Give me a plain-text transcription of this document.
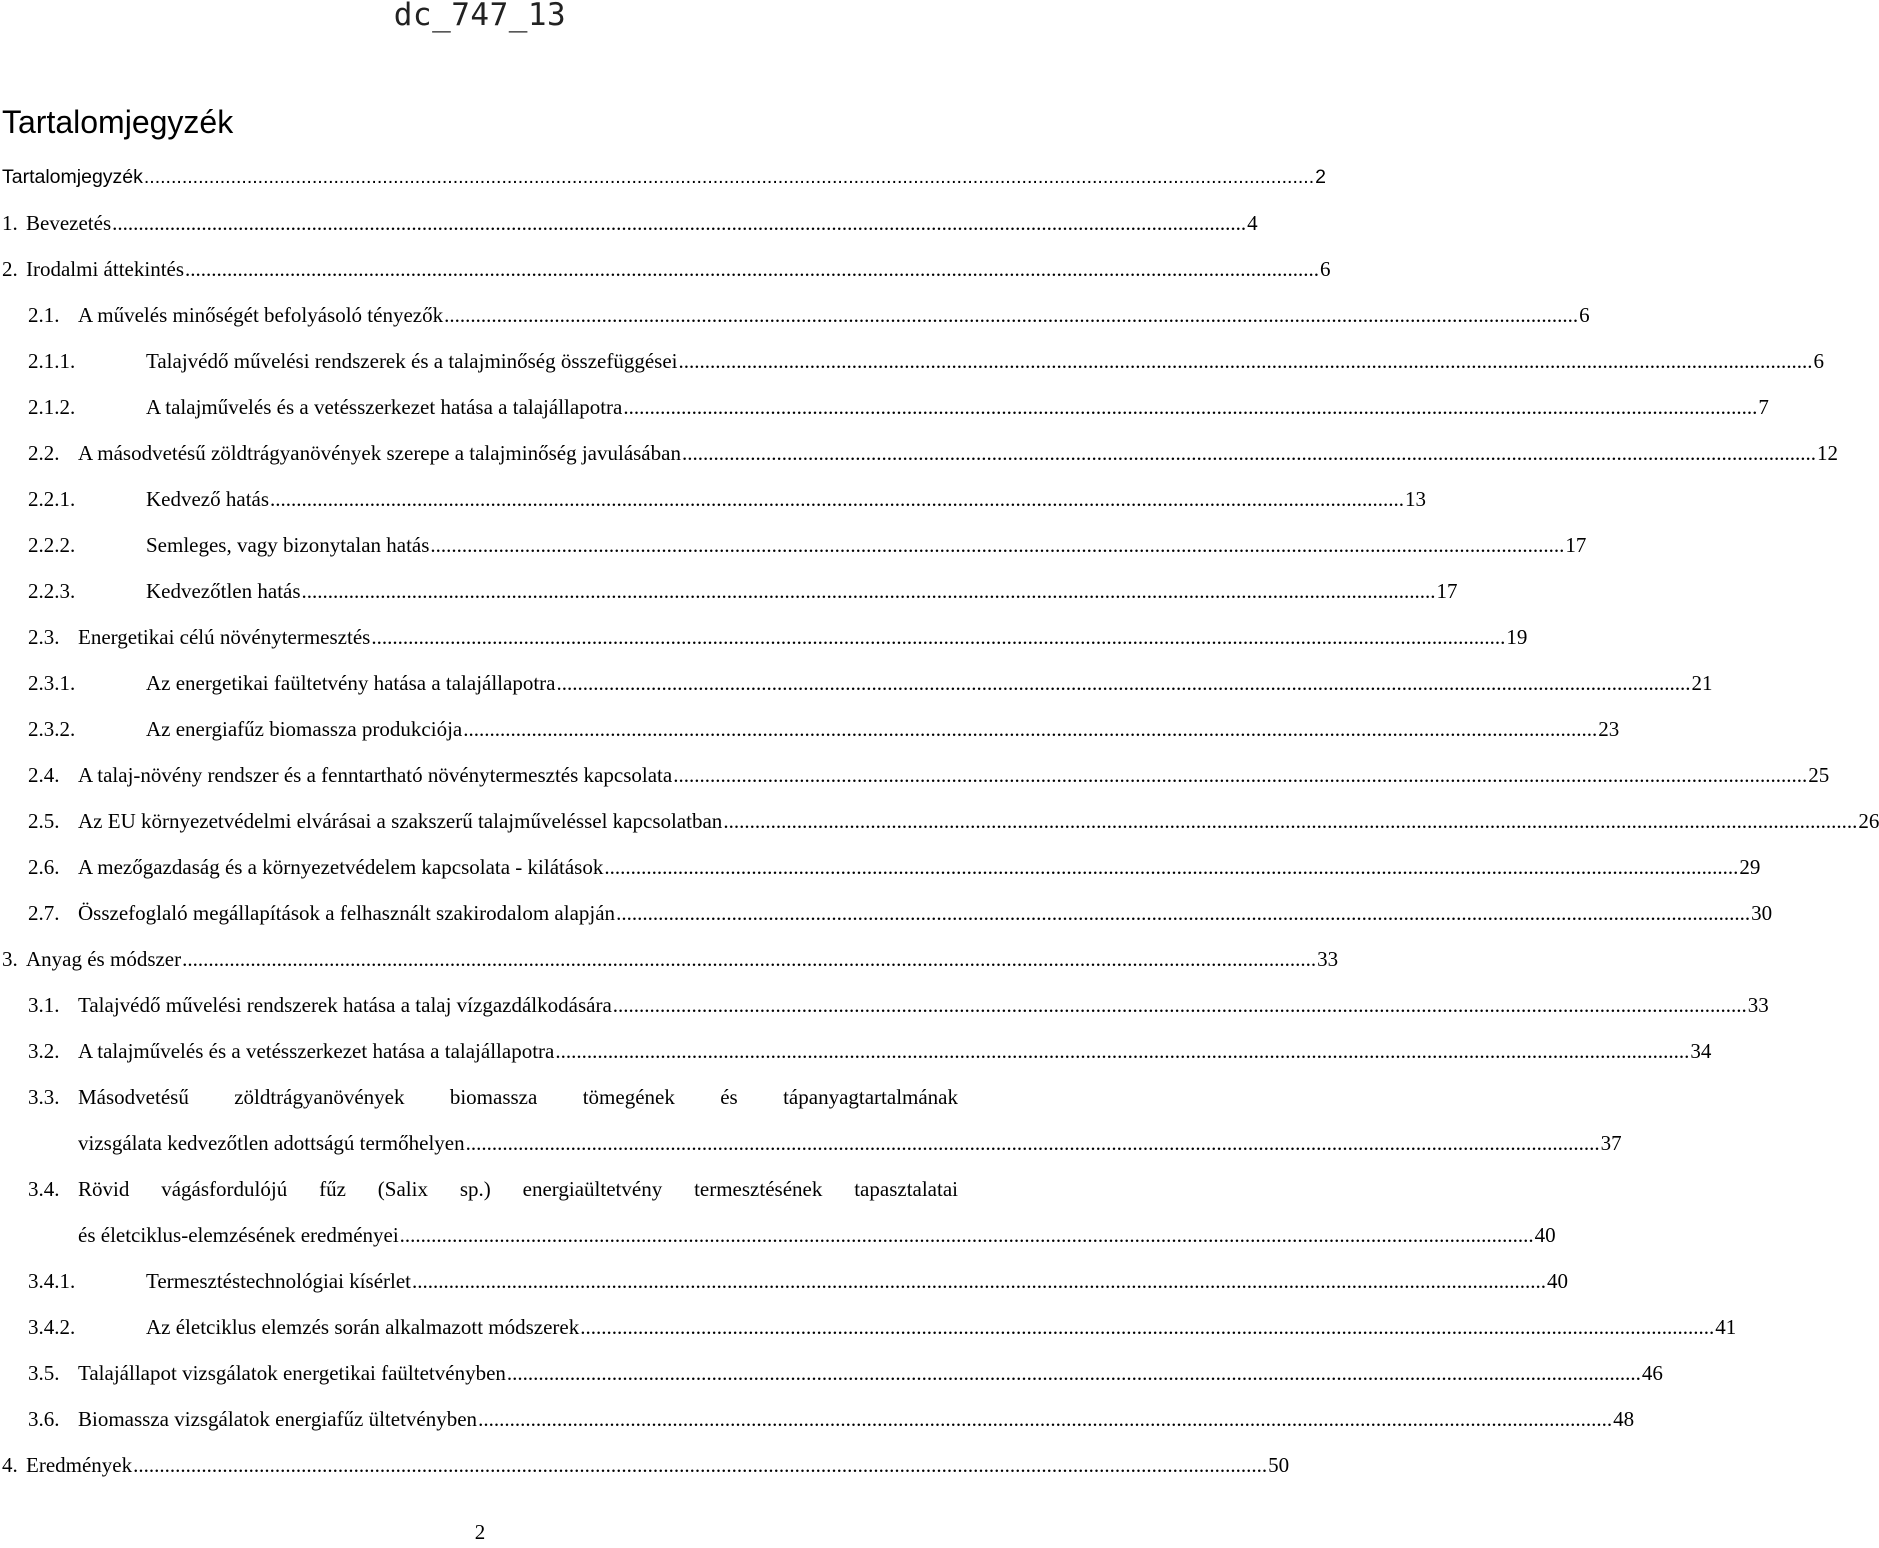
dc_747_13
Tartalomjegyzék
Tartalomjegyzék .....	2
1. Bevezetés .....	4
2. Irodalmi áttekintés .....	6
2.1. A művelés minőségét befolyásoló tényezők .....	6
2.1.1.	Talajvédő művelési rendszerek és a talajminőség összefüggései .....	6
2.1.2.	A talajművelés és a vetésszerkezet hatása a talajállapotra .....	7
2.2. A másodvetésű zöldtrágyanövények szerepe a talajminőség javulásában .....	12
2.2.1.	Kedvező hatás .....	13
2.2.2.	Semleges, vagy bizonytalan hatás .....	17
2.2.3.	Kedvezőtlen hatás .....	17
2.3. Energetikai célú növénytermesztés .....	19
2.3.1.	Az energetikai faültetvény hatása a talajállapotra .....	21
2.3.2.	Az energiafűz biomassza produkciója .....	23
2.4. A talaj-növény rendszer és a fenntartható növénytermesztés kapcsolata .....	25
2.5. Az EU környezetvédelmi elvárásai a szakszerű talajműveléssel kapcsolatban .....	26
2.6. A mezőgazdaság és a környezetvédelem kapcsolata - kilátások .....	29
2.7. Összefoglaló megállapítások a felhasznált szakirodalom alapján .....	30
3. Anyag és módszer .....	33
3.1. Talajvédő művelési rendszerek hatása a talaj vízgazdálkodására .....	33
3.2. A talajművelés és a vetésszerkezet hatása a talajállapotra .....	34
3.3. Másodvetésű zöldtrágyanövények biomassza tömegének és tápanyagtartalmának
vizsgálata kedvezőtlen adottságú termőhelyen .....	37
3.4. Rövid vágásfordulójú fűz (Salix sp.) energiaültetvény termesztésének tapasztalatai
és életciklus-elemzésének eredményei .....	40
3.4.1.	Termesztéstechnológiai kísérlet .....	40
3.4.2.	Az életciklus elemzés során alkalmazott módszerek .....	41
3.5. Talajállapot vizsgálatok energetikai faültetvényben .....	46
3.6. Biomassza vizsgálatok energiafűz ültetvényben .....	48
4. Eredmények .....	50
2
